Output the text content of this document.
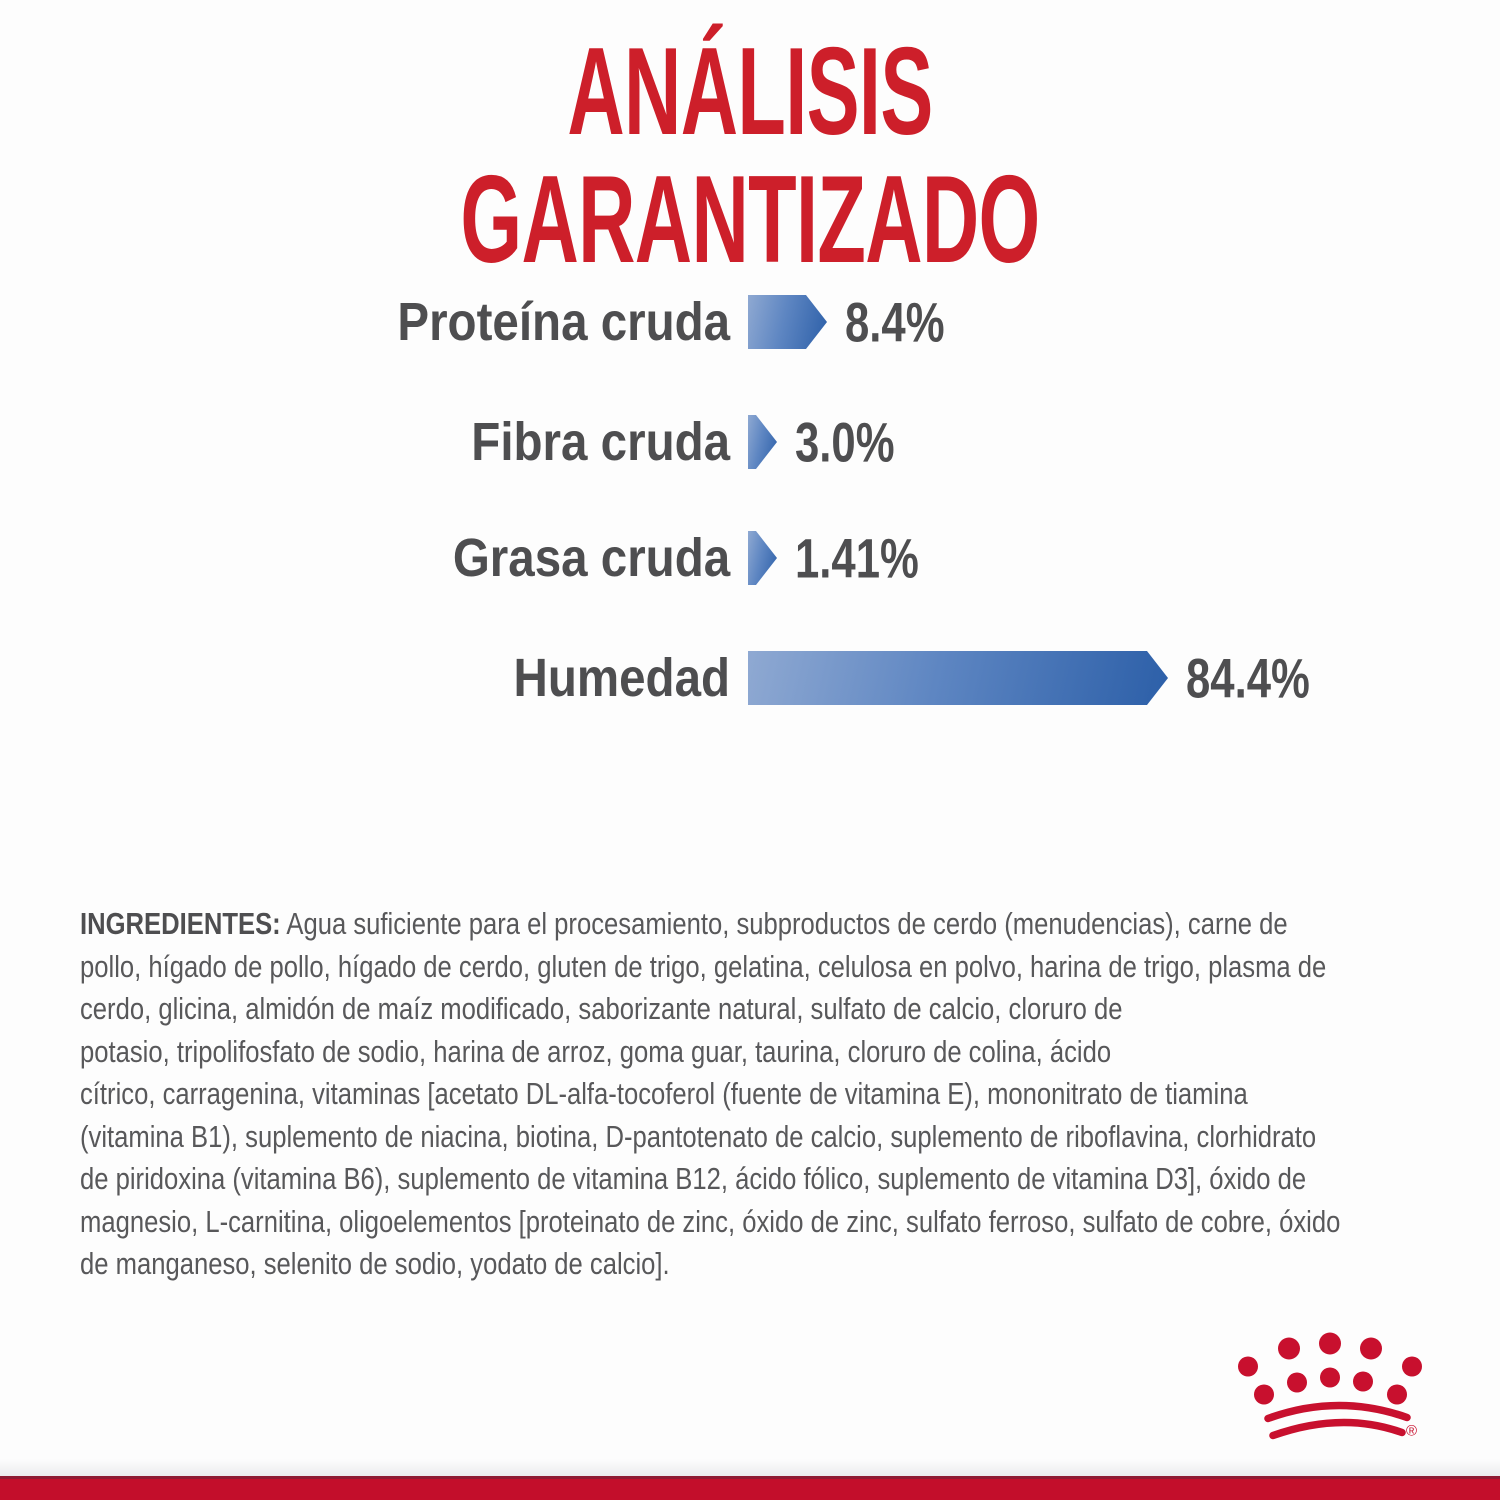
ANÁLISIS
GARANTIZADO
Proteína cruda 8.4%
Fibra cruda 3.0%
Grasa cruda 1.41%
Humedad	84.4%
INGREDIENTES: Agua suficiente para el procesamiento, subproductos de cerdo (menudencias), carne de
pollo, hígado de pollo, hígado de cerdo, gluten de trigo, gelatina, celulosa en polvo, harina de trigo, plasma de
cerdo, glicina, almidón de maíz modificado, saborizante natural, sulfato de calcio, cloruro de
potasio, tripolifosfato de sodio, harina de arroz, goma guar, taurina, cloruro de colina, ácido
cítrico, carragenina, vitaminas [acetato DL-alfa-tocoferol (fuente de vitamina E), mononitrato de tiamina
(vitamina B1), suplemento de niacina, biotina, D-pantotenato de calcio, suplemento de riboflavina, clorhidrato
de piridoxina (vitamina B6), suplemento de vitamina B12, ácido fólico, suplemento de vitamina D3], óxido de
magnesio, L-carnitina, oligoelementos [proteinato de zinc, óxido de zinc, sulfato ferroso, sulfato de cobre, óxido
de manganeso, selenito de sodio, yodato de calcio].
®
